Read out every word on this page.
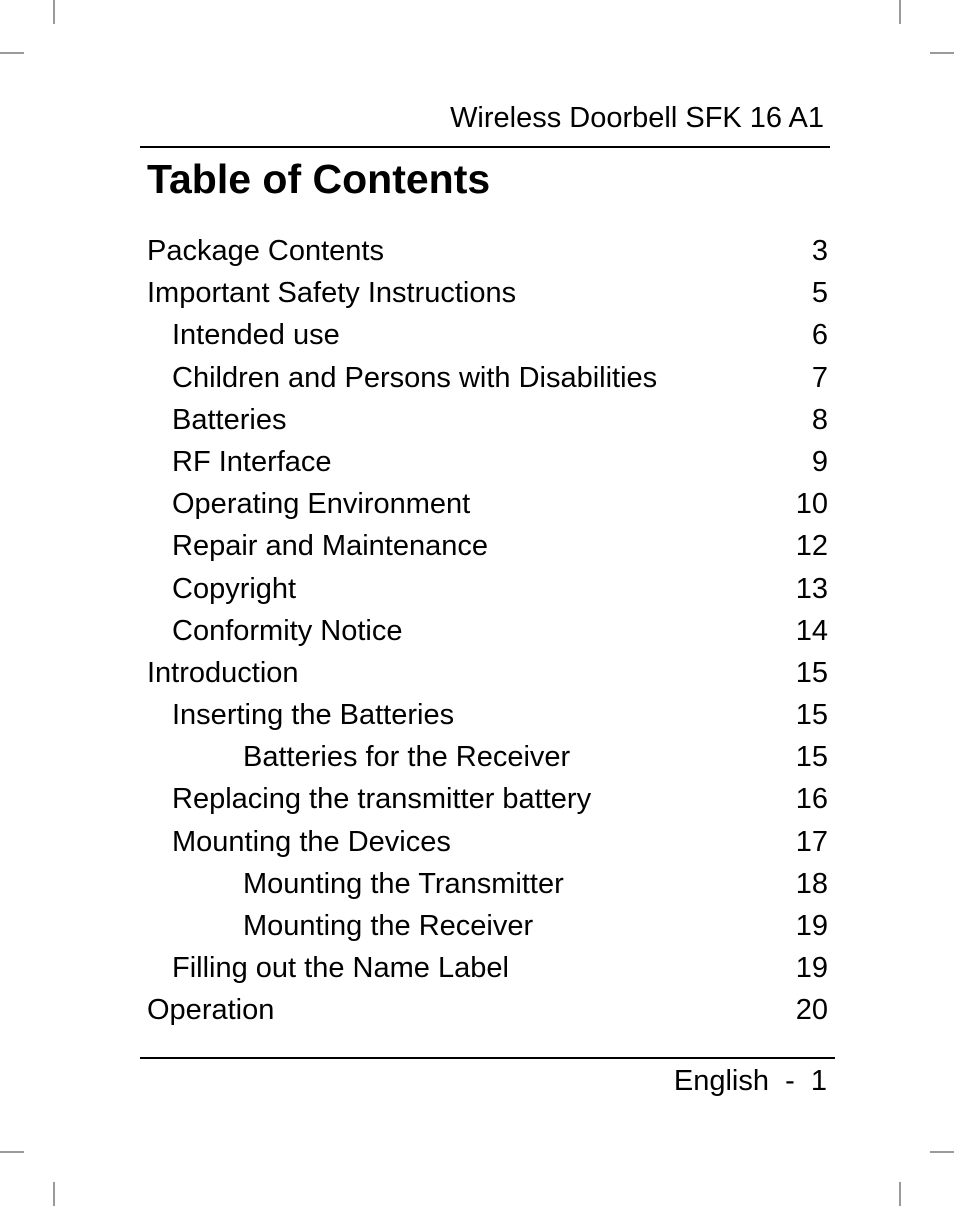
Wireless Doorbell SFK 16 A1
Table of Contents
Package Contents	3
Important Safety Instructions	5
Intended use	6
Children and Persons with Disabilities	7
Batteries	8
RF Interface	9
Operating Environment	10
Repair and Maintenance	12
Copyright	13
Conformity Notice	14
Introduction	15
Inserting the Batteries	15
Batteries for the Receiver	15
Replacing the transmitter battery	16
Mounting the Devices	17
Mounting the Transmitter	18
Mounting the Receiver	19
Filling out the Name Label	19
Operation	20
English  -  1
